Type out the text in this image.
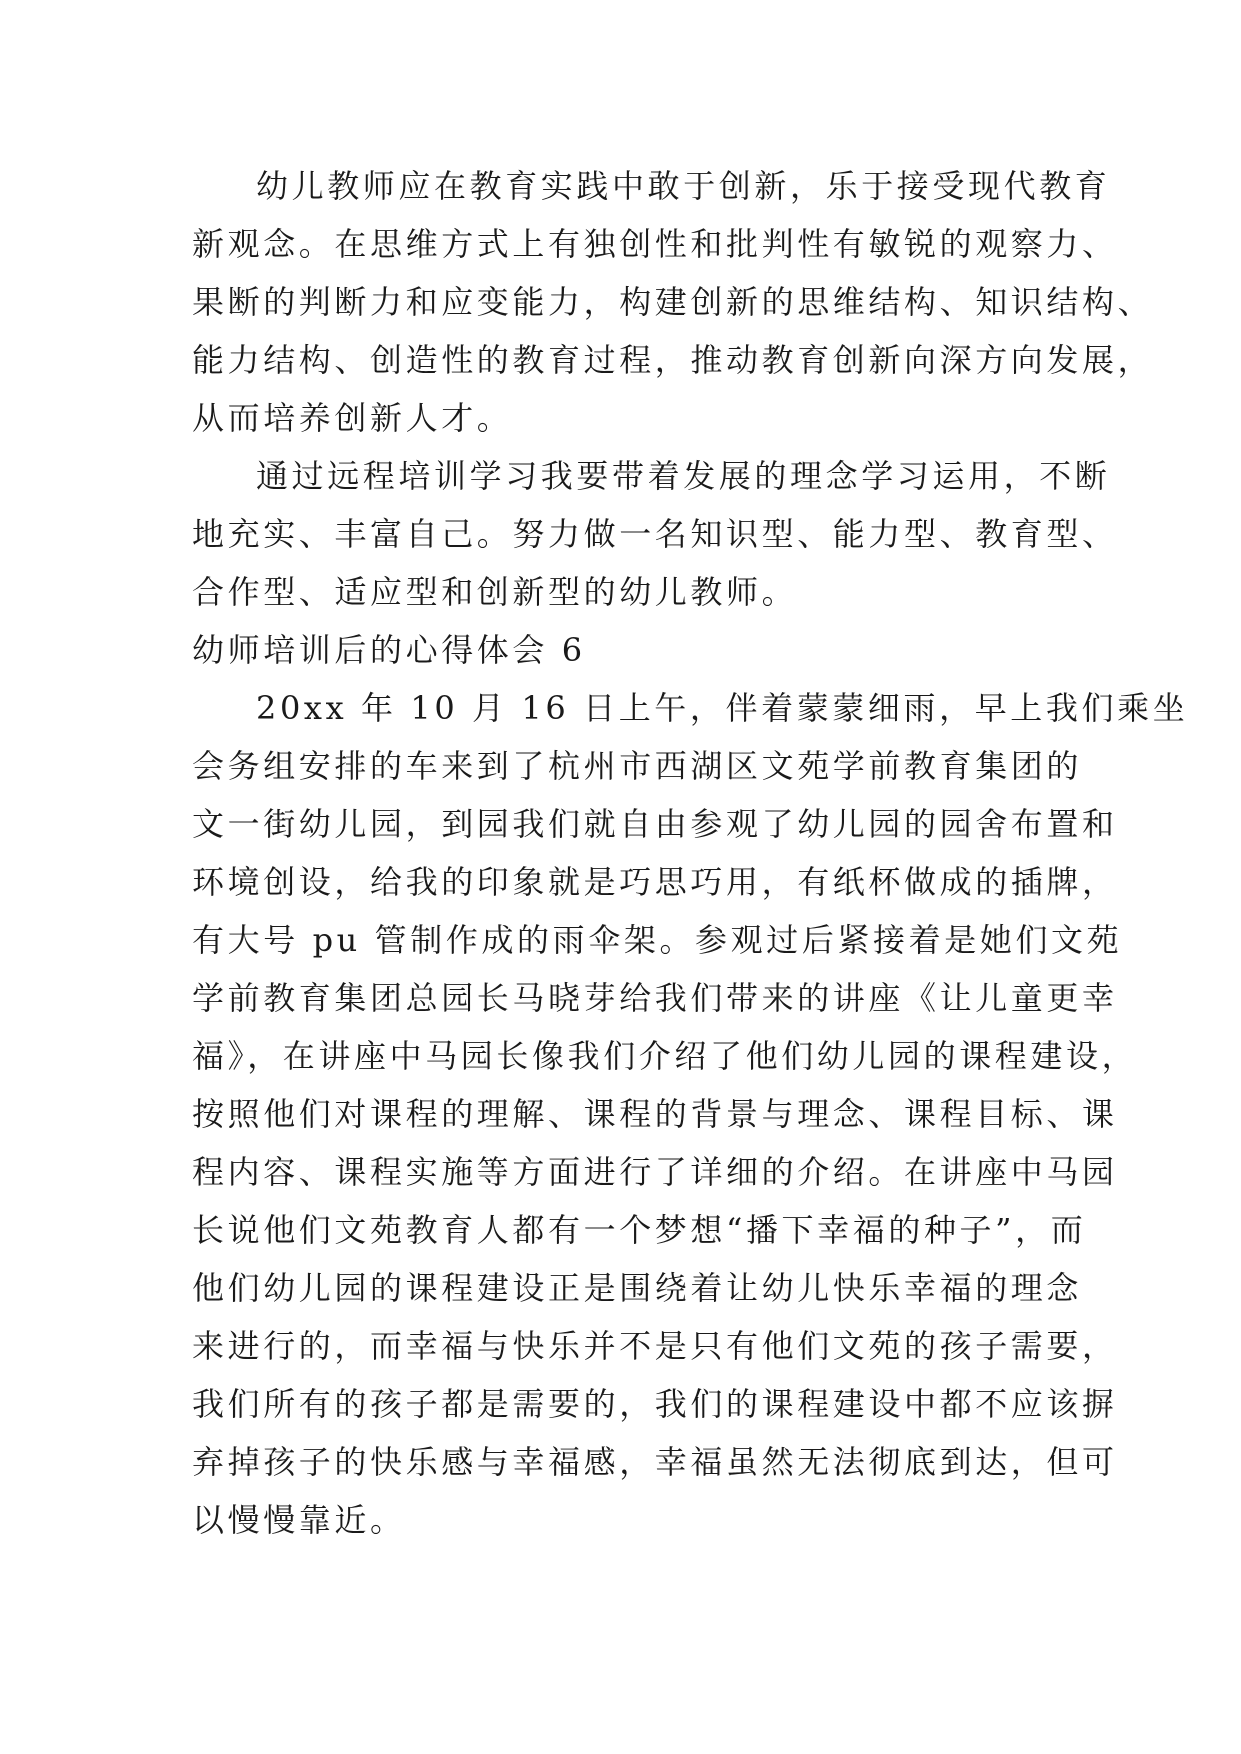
幼儿教师应在教育实践中敢于创新，乐于接受现代教育
新观念。在思维方式上有独创性和批判性有敏锐的观察力、
果断的判断力和应变能力，构建创新的思维结构、知识结构、
能力结构、创造性的教育过程，推动教育创新向深方向发展，
从而培养创新人才。
通过远程培训学习我要带着发展的理念学习运用，不断
地充实、丰富自己。努力做一名知识型、能力型、教育型、
合作型、适应型和创新型的幼儿教师。
幼师培训后的心得体会 6
20xx 年 10 月 16 日上午，伴着蒙蒙细雨，早上我们乘坐
会务组安排的车来到了杭州市西湖区文苑学前教育集团的
文一街幼儿园，到园我们就自由参观了幼儿园的园舍布置和
环境创设，给我的印象就是巧思巧用，有纸杯做成的插牌，
有大号 pu 管制作成的雨伞架。参观过后紧接着是她们文苑
学前教育集团总园长马晓芽给我们带来的讲座《让儿童更幸
福》，在讲座中马园长像我们介绍了他们幼儿园的课程建设，
按照他们对课程的理解、课程的背景与理念、课程目标、课
程内容、课程实施等方面进行了详细的介绍。在讲座中马园
长说他们文苑教育人都有一个梦想“播下幸福的种子”，而
他们幼儿园的课程建设正是围绕着让幼儿快乐幸福的理念
来进行的，而幸福与快乐并不是只有他们文苑的孩子需要，
我们所有的孩子都是需要的，我们的课程建设中都不应该摒
弃掉孩子的快乐感与幸福感，幸福虽然无法彻底到达，但可
以慢慢靠近。
